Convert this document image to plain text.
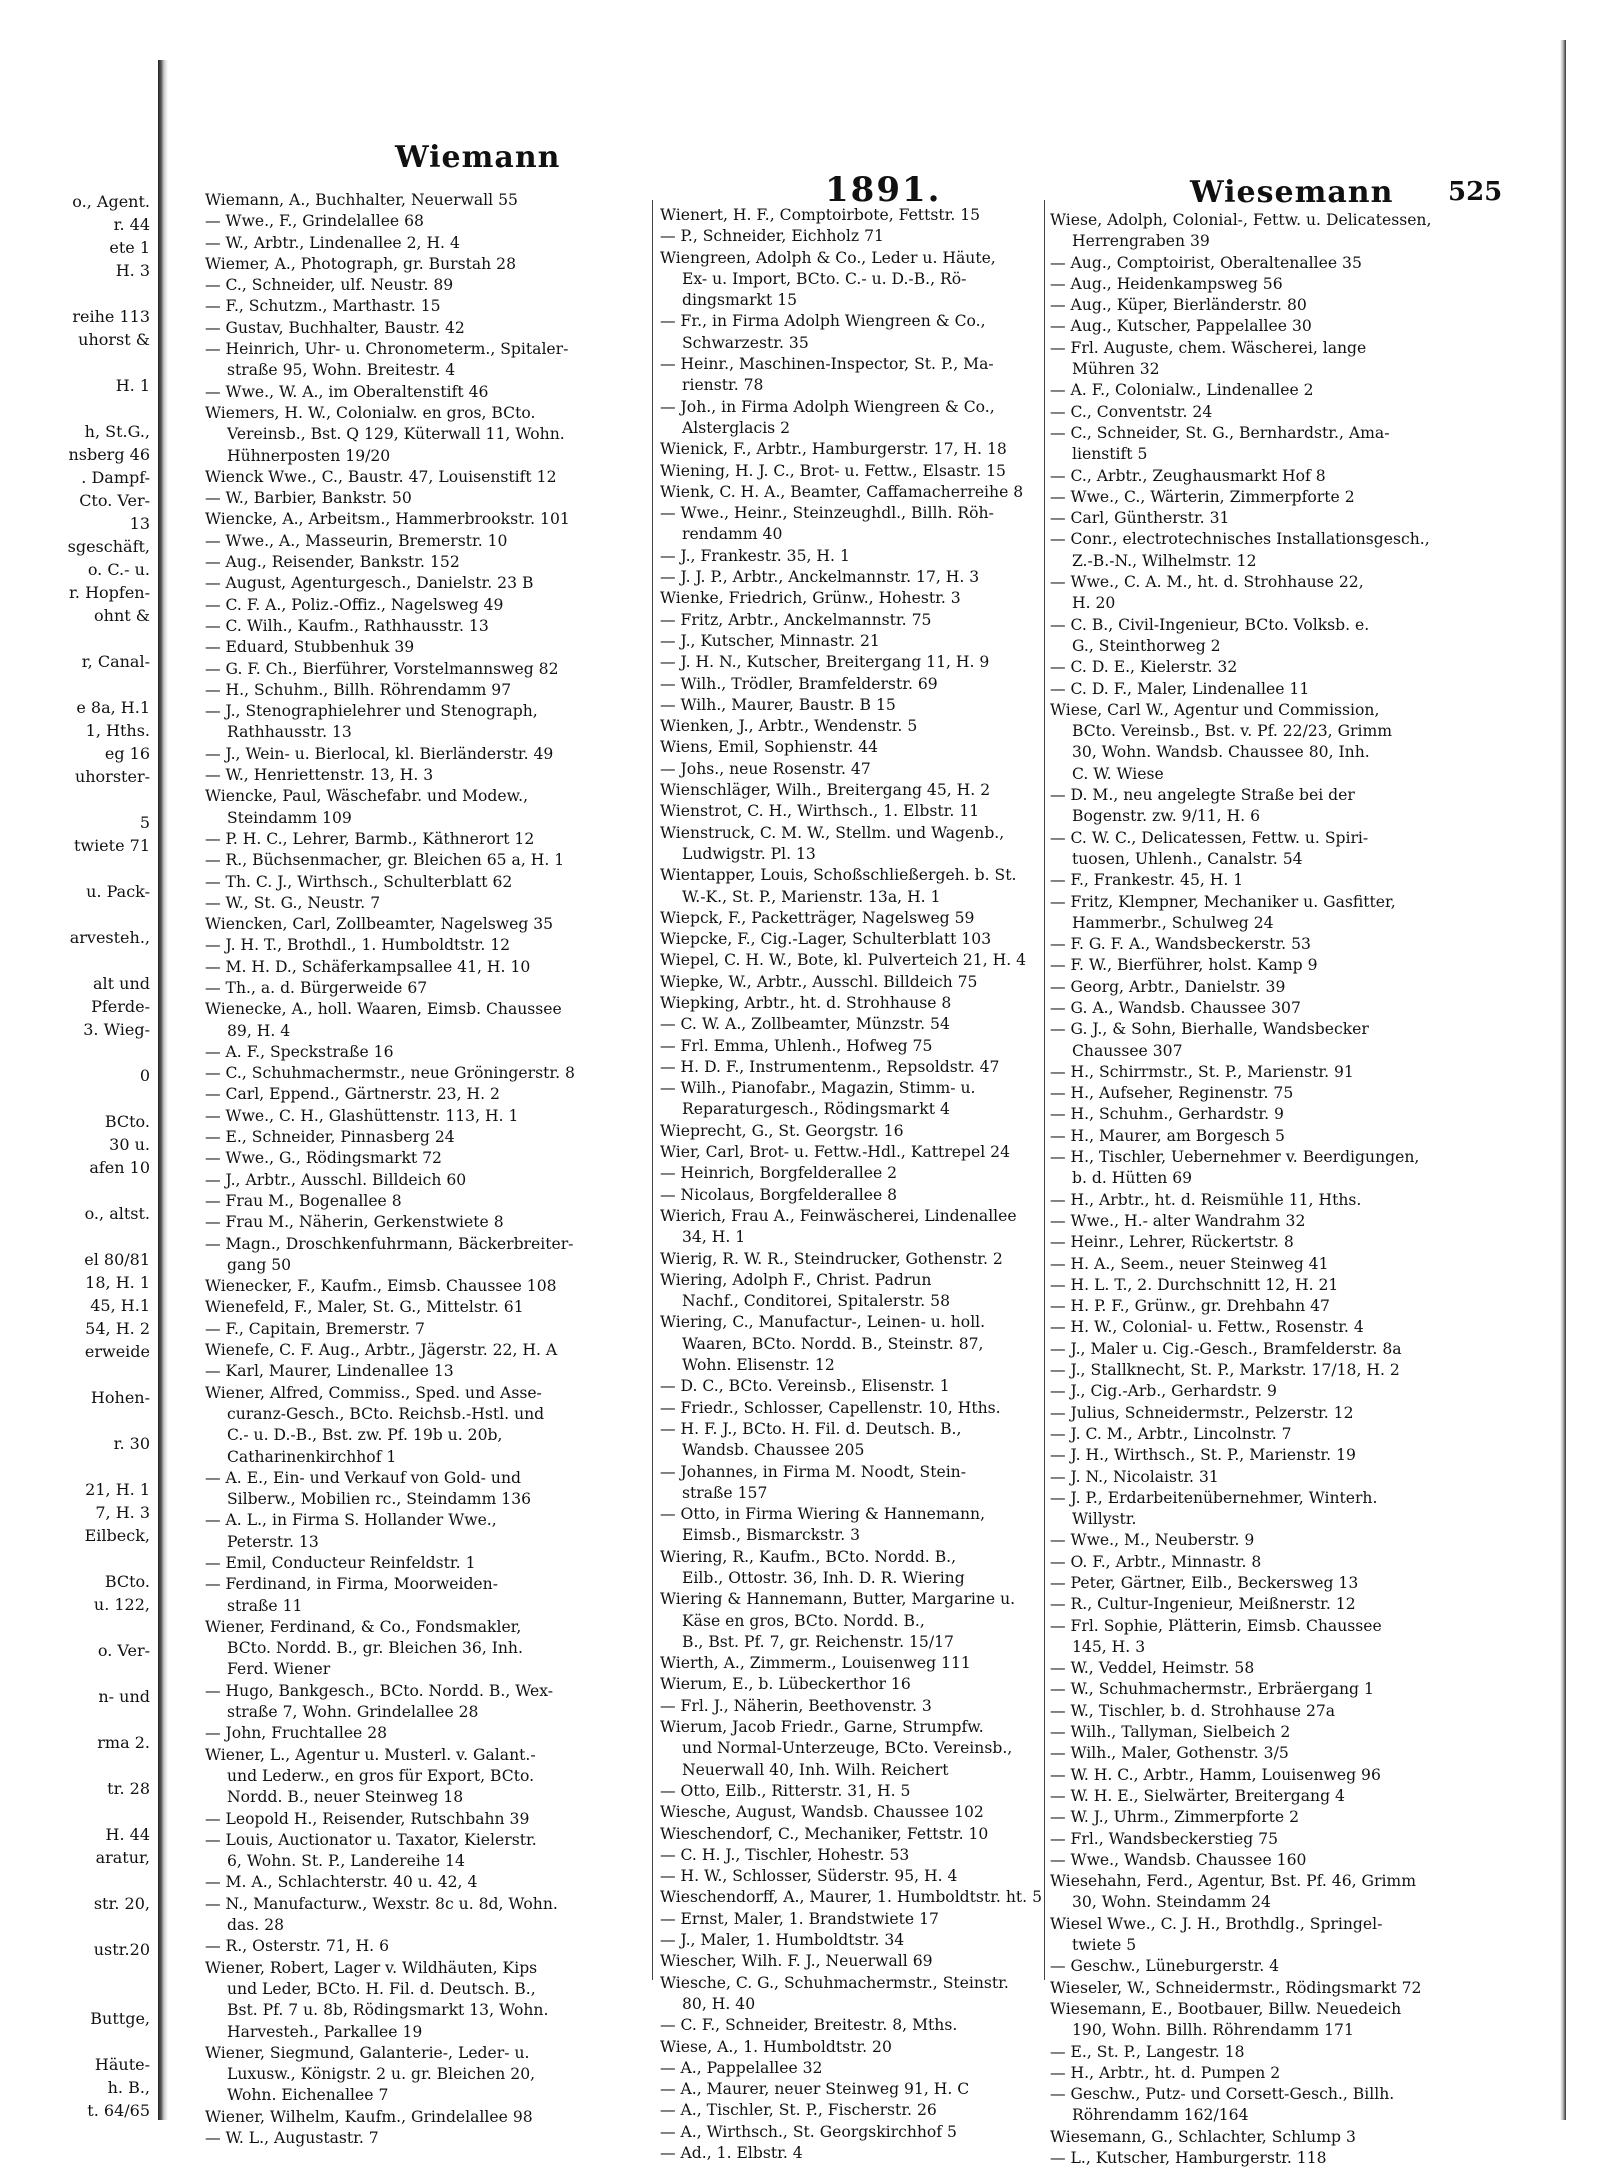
o., Agent.
r. 44
ete 1
H. 3
reihe 113
uhorst &
H. 1
h, St.G.,
nsberg 46
. Dampf-
Cto. Ver-
13
sgeschäft,
o. C.- u.
r. Hopfen-
ohnt &
r, Canal-
e 8a, H.1
1, Hths.
eg 16
uhorster-
5
twiete 71
u. Pack-
arvesteh.,
alt und
Pferde-
3. Wieg-
0
BCto.
30 u.
afen 10
o., altst.
el 80/81
18, H. 1
45, H.1
54, H. 2
erweide
Hohen-
r. 30
21, H. 1
7, H. 3
Eilbeck,
BCto.
u. 122,
o. Ver-
n- und
rma 2.
tr. 28
H. 44
aratur,
str. 20,
ustr.20
Buttge,
Häute-
h. B.,
t. 64/65
Wiemann
1891.	Wiesemann 525
Wiemann, A., Buchhalter, Neuerwall 55
— Wwe., F., Grindelallee 68
— W., Arbtr., Lindenallee 2, H. 4
Wiemer, A., Photograph, gr. Burstah 28
— C., Schneider, ulf. Neustr. 89
— F., Schutzm., Marthastr. 15
— Gustav, Buchhalter, Baustr. 42
— Heinrich, Uhr- u. Chronometerm., Spitaler-
straße 95, Wohn. Breitestr. 4
— Wwe., W. A., im Oberaltenstift 46
Wiemers, H. W., Colonialw. en gros, BCto.
Vereinsb., Bst. Q 129, Küterwall 11, Wohn.
Hühnerposten 19/20
Wienck Wwe., C., Baustr. 47, Louisenstift 12
— W., Barbier, Bankstr. 50
Wiencke, A., Arbeitsm., Hammerbrookstr. 101
— Wwe., A., Masseurin, Bremerstr. 10
— Aug., Reisender, Bankstr. 152
— August, Agenturgesch., Danielstr. 23 B
— C. F. A., Poliz.-Offiz., Nagelsweg 49
— C. Wilh., Kaufm., Rathhausstr. 13
— Eduard, Stubbenhuk 39
— G. F. Ch., Bierführer, Vorstelmannsweg 82
— H., Schuhm., Billh. Röhrendamm 97
— J., Stenographielehrer und Stenograph,
Rathhausstr. 13
— J., Wein- u. Bierlocal, kl. Bierländerstr. 49
— W., Henriettenstr. 13, H. 3
Wiencke, Paul, Wäschefabr. und Modew.,
Steindamm 109
— P. H. C., Lehrer, Barmb., Käthnerort 12
— R., Büchsenmacher, gr. Bleichen 65 a, H. 1
— Th. C. J., Wirthsch., Schulterblatt 62
— W., St. G., Neustr. 7
Wiencken, Carl, Zollbeamter, Nagelsweg 35
— J. H. T., Brothdl., 1. Humboldtstr. 12
— M. H. D., Schäferkampsallee 41, H. 10
— Th., a. d. Bürgerweide 67
Wienecke, A., holl. Waaren, Eimsb. Chaussee
89, H. 4
— A. F., Speckstraße 16
— C., Schuhmachermstr., neue Gröningerstr. 8
— Carl, Eppend., Gärtnerstr. 23, H. 2
— Wwe., C. H., Glashüttenstr. 113, H. 1
— E., Schneider, Pinnasberg 24
— Wwe., G., Rödingsmarkt 72
— J., Arbtr., Ausschl. Billdeich 60
— Frau M., Bogenallee 8
— Frau M., Näherin, Gerkenstwiete 8
— Magn., Droschkenfuhrmann, Bäckerbreiter-
gang 50
Wienecker, F., Kaufm., Eimsb. Chaussee 108
Wienefeld, F., Maler, St. G., Mittelstr. 61
— F., Capitain, Bremerstr. 7
Wienefe, C. F. Aug., Arbtr., Jägerstr. 22, H. A
— Karl, Maurer, Lindenallee 13
Wiener, Alfred, Commiss., Sped. und Asse-
curanz-Gesch., BCto. Reichsb.-Hstl. und
C.- u. D.-B., Bst. zw. Pf. 19b u. 20b,
Catharinenkirchhof 1
— A. E., Ein- und Verkauf von Gold- und
Silberw., Mobilien rc., Steindamm 136
— A. L., in Firma S. Hollander Wwe.,
Peterstr. 13
— Emil, Conducteur Reinfeldstr. 1
— Ferdinand, in Firma, Moorweiden-
straße 11
Wiener, Ferdinand, & Co., Fondsmakler,
BCto. Nordd. B., gr. Bleichen 36, Inh.
Ferd. Wiener
— Hugo, Bankgesch., BCto. Nordd. B., Wex-
straße 7, Wohn. Grindelallee 28
— John, Fruchtallee 28
Wiener, L., Agentur u. Musterl. v. Galant.-
und Lederw., en gros für Export, BCto.
Nordd. B., neuer Steinweg 18
— Leopold H., Reisender, Rutschbahn 39
— Louis, Auctionator u. Taxator, Kielerstr.
6, Wohn. St. P., Landereihe 14
— M. A., Schlachterstr. 40 u. 42, 4
— N., Manufacturw., Wexstr. 8c u. 8d, Wohn.
das. 28
— R., Osterstr. 71, H. 6
Wiener, Robert, Lager v. Wildhäuten, Kips
und Leder, BCto. H. Fil. d. Deutsch. B.,
Bst. Pf. 7 u. 8b, Rödingsmarkt 13, Wohn.
Harvesteh., Parkallee 19
Wiener, Siegmund, Galanterie-, Leder- u.
Luxusw., Königstr. 2 u. gr. Bleichen 20,
Wohn. Eichenallee 7
Wiener, Wilhelm, Kaufm., Grindelallee 98
— W. L., Augustastr. 7
Wienert, H. F., Comptoirbote, Fettstr. 15
— P., Schneider, Eichholz 71
Wiengreen, Adolph & Co., Leder u. Häute,
Ex- u. Import, BCto. C.- u. D.-B., Rö-
dingsmarkt 15
— Fr., in Firma Adolph Wiengreen & Co.,
Schwarzestr. 35
— Heinr., Maschinen-Inspector, St. P., Ma-
rienstr. 78
— Joh., in Firma Adolph Wiengreen & Co.,
Alsterglacis 2
Wienick, F., Arbtr., Hamburgerstr. 17, H. 18
Wiening, H. J. C., Brot- u. Fettw., Elsastr. 15
Wienk, C. H. A., Beamter, Caffamacherreihe 8
— Wwe., Heinr., Steinzeughdl., Billh. Röh-
rendamm 40
— J., Frankestr. 35, H. 1
— J. J. P., Arbtr., Anckelmannstr. 17, H. 3
Wienke, Friedrich, Grünw., Hohestr. 3
— Fritz, Arbtr., Anckelmannstr. 75
— J., Kutscher, Minnastr. 21
— J. H. N., Kutscher, Breitergang 11, H. 9
— Wilh., Trödler, Bramfelderstr. 69
— Wilh., Maurer, Baustr. B 15
Wienken, J., Arbtr., Wendenstr. 5
Wiens, Emil, Sophienstr. 44
— Johs., neue Rosenstr. 47
Wienschläger, Wilh., Breitergang 45, H. 2
Wienstrot, C. H., Wirthsch., 1. Elbstr. 11
Wienstruck, C. M. W., Stellm. und Wagenb.,
Ludwigstr. Pl. 13
Wientapper, Louis, Schoßschließergeh. b. St.
W.-K., St. P., Marienstr. 13a, H. 1
Wiepck, F., Packetträger, Nagelsweg 59
Wiepcke, F., Cig.-Lager, Schulterblatt 103
Wiepel, C. H. W., Bote, kl. Pulverteich 21, H. 4
Wiepke, W., Arbtr., Ausschl. Billdeich 75
Wiepking, Arbtr., ht. d. Strohhause 8
— C. W. A., Zollbeamter, Münzstr. 54
— Frl. Emma, Uhlenh., Hofweg 75
— H. D. F., Instrumentenm., Repsoldstr. 47
— Wilh., Pianofabr., Magazin, Stimm- u.
Reparaturgesch., Rödingsmarkt 4
Wieprecht, G., St. Georgstr. 16
Wier, Carl, Brot- u. Fettw.-Hdl., Kattrepel 24
— Heinrich, Borgfelderallee 2
— Nicolaus, Borgfelderallee 8
Wierich, Frau A., Feinwäscherei, Lindenallee
34, H. 1
Wierig, R. W. R., Steindrucker, Gothenstr. 2
Wiering, Adolph F., Christ. Padrun
Nachf., Conditorei, Spitalerstr. 58
Wiering, C., Manufactur-, Leinen- u. holl.
Waaren, BCto. Nordd. B., Steinstr. 87,
Wohn. Elisenstr. 12
— D. C., BCto. Vereinsb., Elisenstr. 1
— Friedr., Schlosser, Capellenstr. 10, Hths.
— H. F. J., BCto. H. Fil. d. Deutsch. B.,
Wandsb. Chaussee 205
— Johannes, in Firma M. Noodt, Stein-
straße 157
— Otto, in Firma Wiering & Hannemann,
Eimsb., Bismarckstr. 3
Wiering, R., Kaufm., BCto. Nordd. B.,
Eilb., Ottostr. 36, Inh. D. R. Wiering
Wiering & Hannemann, Butter, Margarine u.
Käse en gros, BCto. Nordd. B.,
B., Bst. Pf. 7, gr. Reichenstr. 15/17
Wierth, A., Zimmerm., Louisenweg 111
Wierum, E., b. Lübeckerthor 16
— Frl. J., Näherin, Beethovenstr. 3
Wierum, Jacob Friedr., Garne, Strumpfw.
und Normal-Unterzeuge, BCto. Vereinsb.,
Neuerwall 40, Inh. Wilh. Reichert
— Otto, Eilb., Ritterstr. 31, H. 5
Wiesche, August, Wandsb. Chaussee 102
Wieschendorf, C., Mechaniker, Fettstr. 10
— C. H. J., Tischler, Hohestr. 53
— H. W., Schlosser, Süderstr. 95, H. 4
Wieschendorff, A., Maurer, 1. Humboldtstr. ht. 5
— Ernst, Maler, 1. Brandstwiete 17
— J., Maler, 1. Humboldtstr. 34
Wiescher, Wilh. F. J., Neuerwall 69
Wiesche, C. G., Schuhmachermstr., Steinstr.
80, H. 40
— C. F., Schneider, Breitestr. 8, Mths.
Wiese, A., 1. Humboldtstr. 20
— A., Pappelallee 32
— A., Maurer, neuer Steinweg 91, H. C
— A., Tischler, St. P., Fischerstr. 26
— A., Wirthsch., St. Georgskirchhof 5
— Ad., 1. Elbstr. 4
Wiese, Adolph, Colonial-, Fettw. u. Delicatessen,
Herrengraben 39
— Aug., Comptoirist, Oberaltenallee 35
— Aug., Heidenkampsweg 56
— Aug., Küper, Bierländerstr. 80
— Aug., Kutscher, Pappelallee 30
— Frl. Auguste, chem. Wäscherei, lange
Mühren 32
— A. F., Colonialw., Lindenallee 2
— C., Conventstr. 24
— C., Schneider, St. G., Bernhardstr., Ama-
lienstift 5
— C., Arbtr., Zeughausmarkt Hof 8
— Wwe., C., Wärterin, Zimmerpforte 2
— Carl, Güntherstr. 31
— Conr., electrotechnisches Installationsgesch.,
Z.-B.-N., Wilhelmstr. 12
— Wwe., C. A. M., ht. d. Strohhause 22,
H. 20
— C. B., Civil-Ingenieur, BCto. Volksb. e.
G., Steinthorweg 2
— C. D. E., Kielerstr. 32
— C. D. F., Maler, Lindenallee 11
Wiese, Carl W., Agentur und Commission,
BCto. Vereinsb., Bst. v. Pf. 22/23, Grimm
30, Wohn. Wandsb. Chaussee 80, Inh.
C. W. Wiese
— D. M., neu angelegte Straße bei der
Bogenstr. zw. 9/11, H. 6
— C. W. C., Delicatessen, Fettw. u. Spiri-
tuosen, Uhlenh., Canalstr. 54
— F., Frankestr. 45, H. 1
— Fritz, Klempner, Mechaniker u. Gasfitter,
Hammerbr., Schulweg 24
— F. G. F. A., Wandsbeckerstr. 53
— F. W., Bierführer, holst. Kamp 9
— Georg, Arbtr., Danielstr. 39
— G. A., Wandsb. Chaussee 307
— G. J., & Sohn, Bierhalle, Wandsbecker
Chaussee 307
— H., Schirrmstr., St. P., Marienstr. 91
— H., Aufseher, Reginenstr. 75
— H., Schuhm., Gerhardstr. 9
— H., Maurer, am Borgesch 5
— H., Tischler, Uebernehmer v. Beerdigungen,
b. d. Hütten 69
— H., Arbtr., ht. d. Reismühle 11, Hths.
— Wwe., H.- alter Wandrahm 32
— Heinr., Lehrer, Rückertstr. 8
— H. A., Seem., neuer Steinweg 41
— H. L. T., 2. Durchschnitt 12, H. 21
— H. P. F., Grünw., gr. Drehbahn 47
— H. W., Colonial- u. Fettw., Rosenstr. 4
— J., Maler u. Cig.-Gesch., Bramfelderstr. 8a
— J., Stallknecht, St. P., Markstr. 17/18, H. 2
— J., Cig.-Arb., Gerhardstr. 9
— Julius, Schneidermstr., Pelzerstr. 12
— J. C. M., Arbtr., Lincolnstr. 7
— J. H., Wirthsch., St. P., Marienstr. 19
— J. N., Nicolaistr. 31
— J. P., Erdarbeitenübernehmer, Winterh.
Willystr.
— Wwe., M., Neuberstr. 9
— O. F., Arbtr., Minnastr. 8
— Peter, Gärtner, Eilb., Beckersweg 13
— R., Cultur-Ingenieur, Meißnerstr. 12
— Frl. Sophie, Plätterin, Eimsb. Chaussee
145, H. 3
— W., Veddel, Heimstr. 58
— W., Schuhmachermstr., Erbräergang 1
— W., Tischler, b. d. Strohhause 27a
— Wilh., Tallyman, Sielbeich 2
— Wilh., Maler, Gothenstr. 3/5
— W. H. C., Arbtr., Hamm, Louisenweg 96
— W. H. E., Sielwärter, Breitergang 4
— W. J., Uhrm., Zimmerpforte 2
— Frl., Wandsbeckerstieg 75
— Wwe., Wandsb. Chaussee 160
Wiesehahn, Ferd., Agentur, Bst. Pf. 46, Grimm
30, Wohn. Steindamm 24
Wiesel Wwe., C. J. H., Brothdlg., Springel-
twiete 5
— Geschw., Lüneburgerstr. 4
Wieseler, W., Schneidermstr., Rödingsmarkt 72
Wiesemann, E., Bootbauer, Billw. Neuedeich
190, Wohn. Billh. Röhrendamm 171
— E., St. P., Langestr. 18
— H., Arbtr., ht. d. Pumpen 2
— Geschw., Putz- und Corsett-Gesch., Billh.
Röhrendamm 162/164
Wiesemann, G., Schlachter, Schlump 3
— L., Kutscher, Hamburgerstr. 118
